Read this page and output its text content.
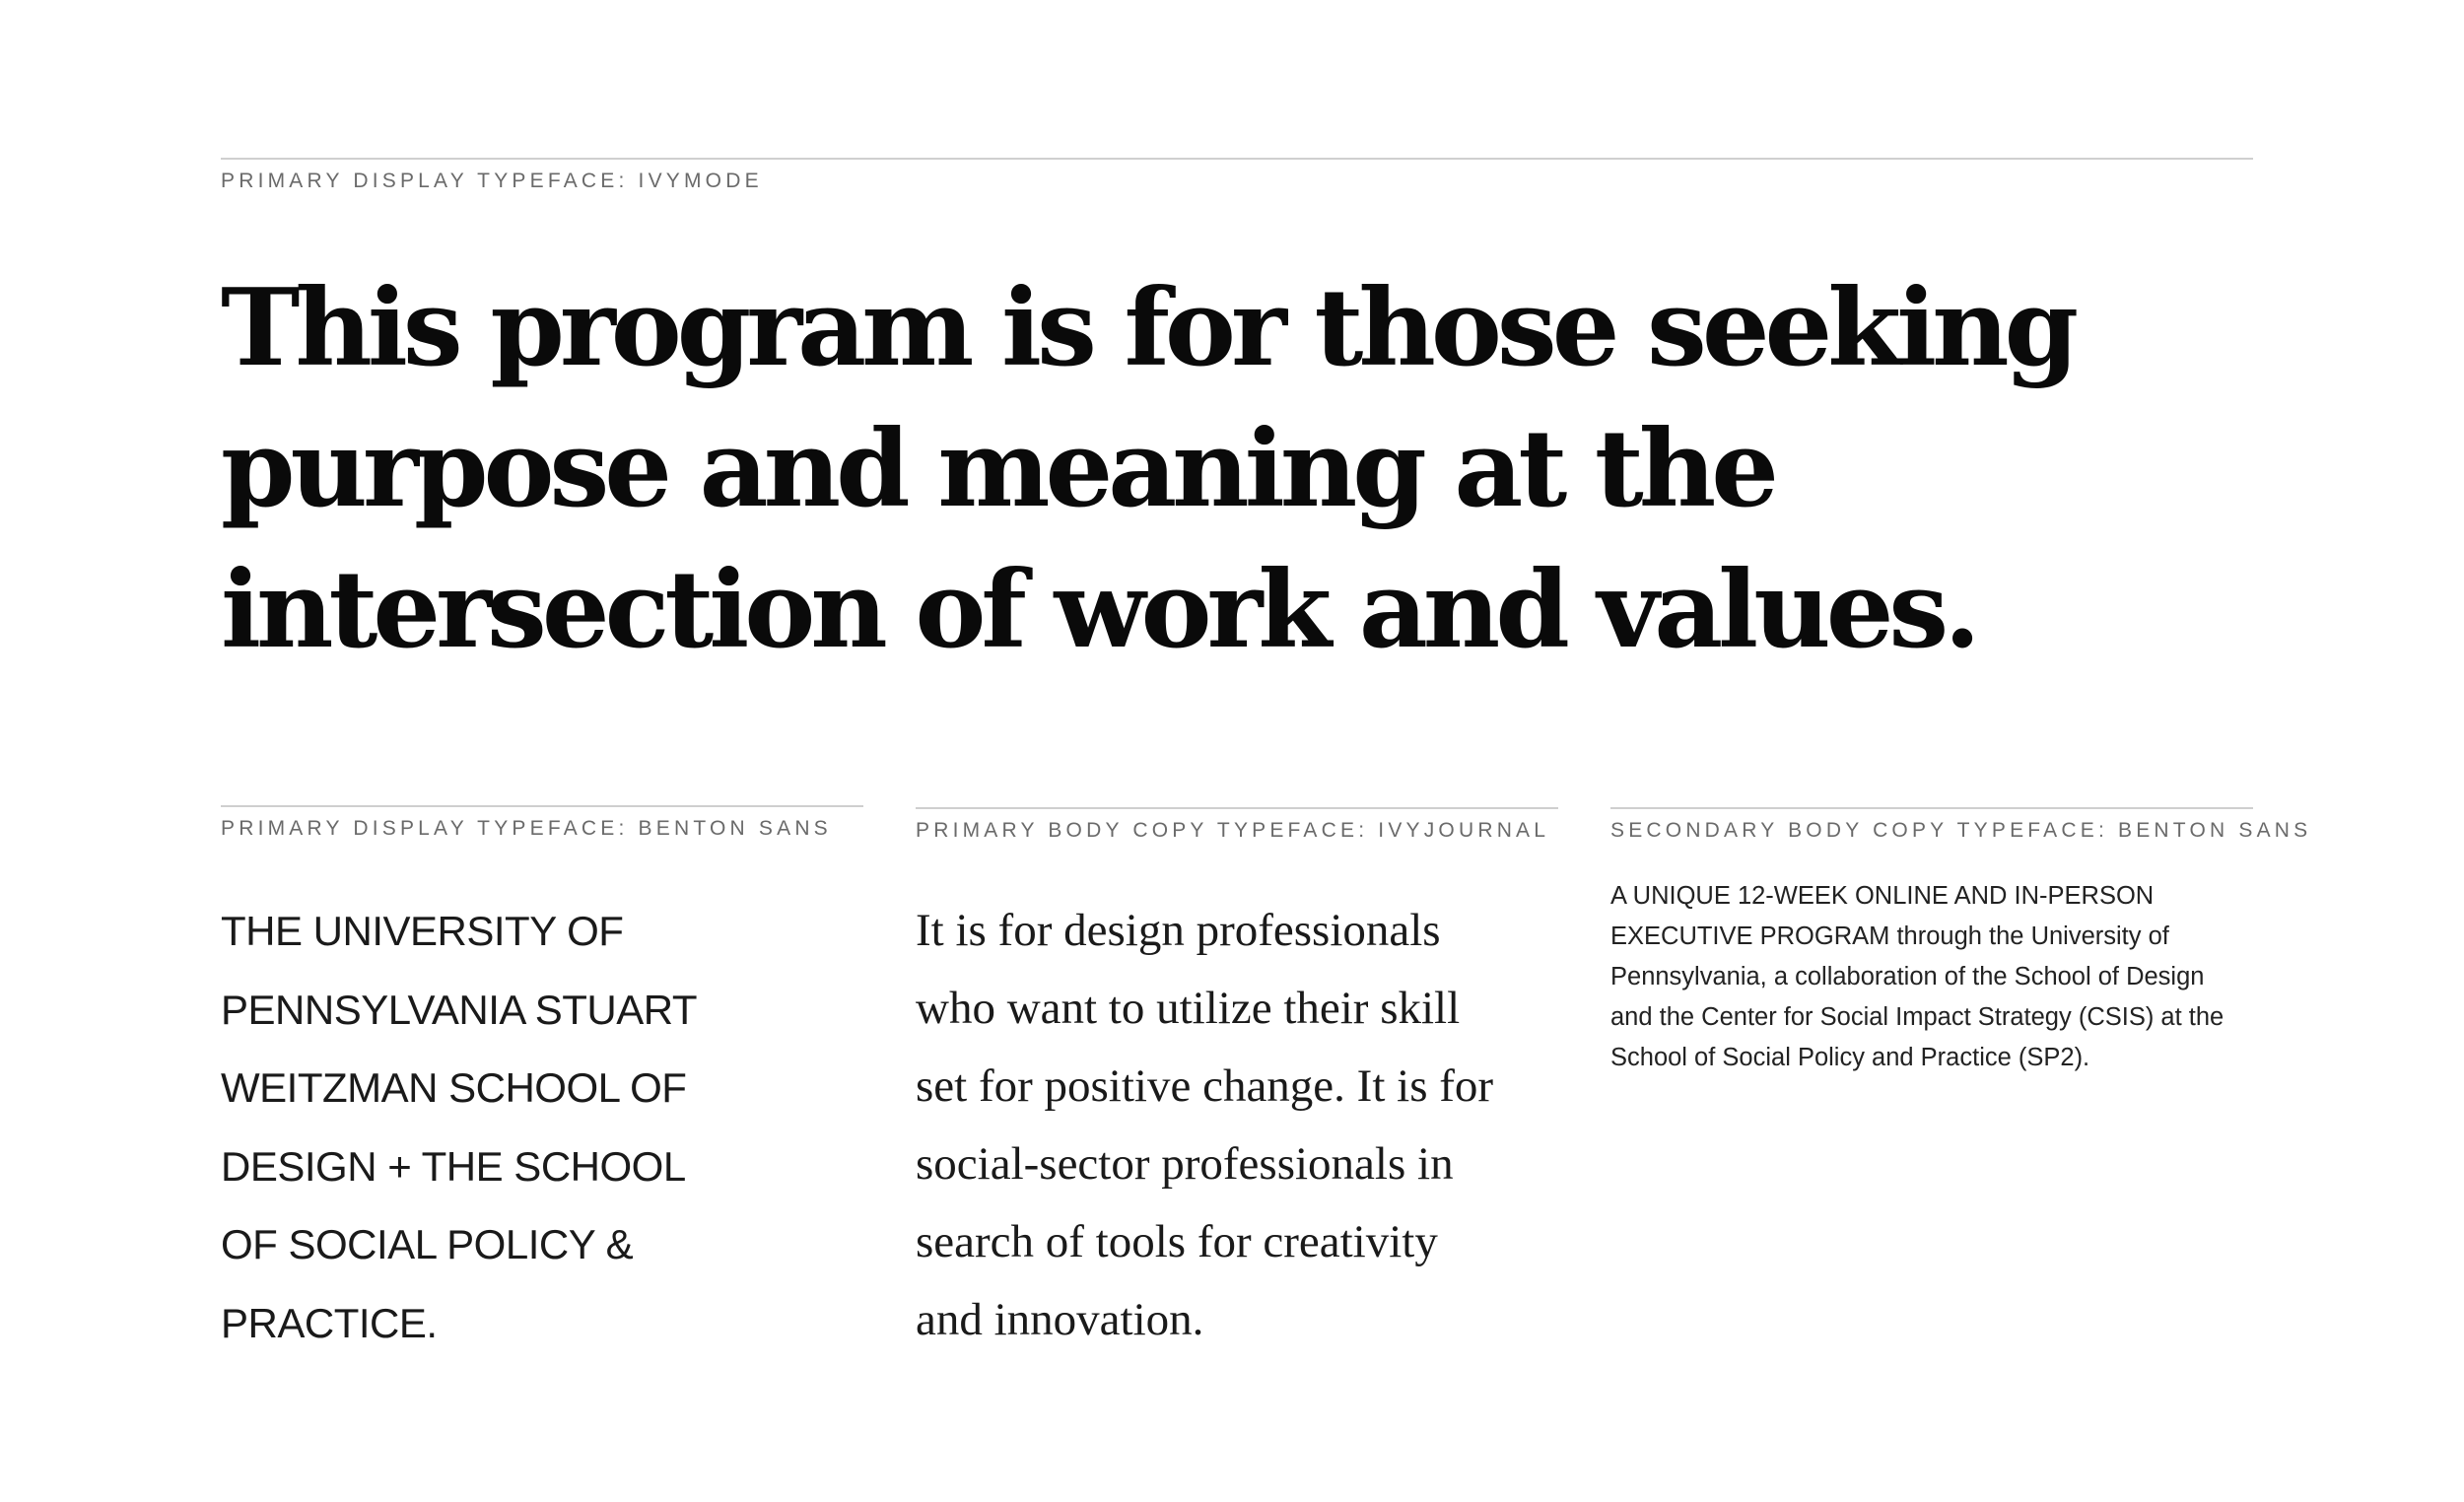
PRIMARY DISPLAY TYPEFACE: IVYMODE
This program is for those seeking
purpose and meaning at the
intersection of work and values.
PRIMARY DISPLAY TYPEFACE: BENTON SANS
THE UNIVERSITY OF
PENNSYLVANIA STUART
WEITZMAN SCHOOL OF
DESIGN + THE SCHOOL
OF SOCIAL POLICY &
PRACTICE.
PRIMARY BODY COPY TYPEFACE: IVYJOURNAL
It is for design professionals
who want to utilize their skill
set for positive change. It is for
social-sector professionals in
search of tools for creativity
and innovation.
SECONDARY BODY COPY TYPEFACE: BENTON SANS
A UNIQUE 12-WEEK ONLINE AND IN-PERSON
EXECUTIVE PROGRAM through the University of
Pennsylvania, a collaboration of the School of Design
and the Center for Social Impact Strategy (CSIS) at the
School of Social Policy and Practice (SP2).
